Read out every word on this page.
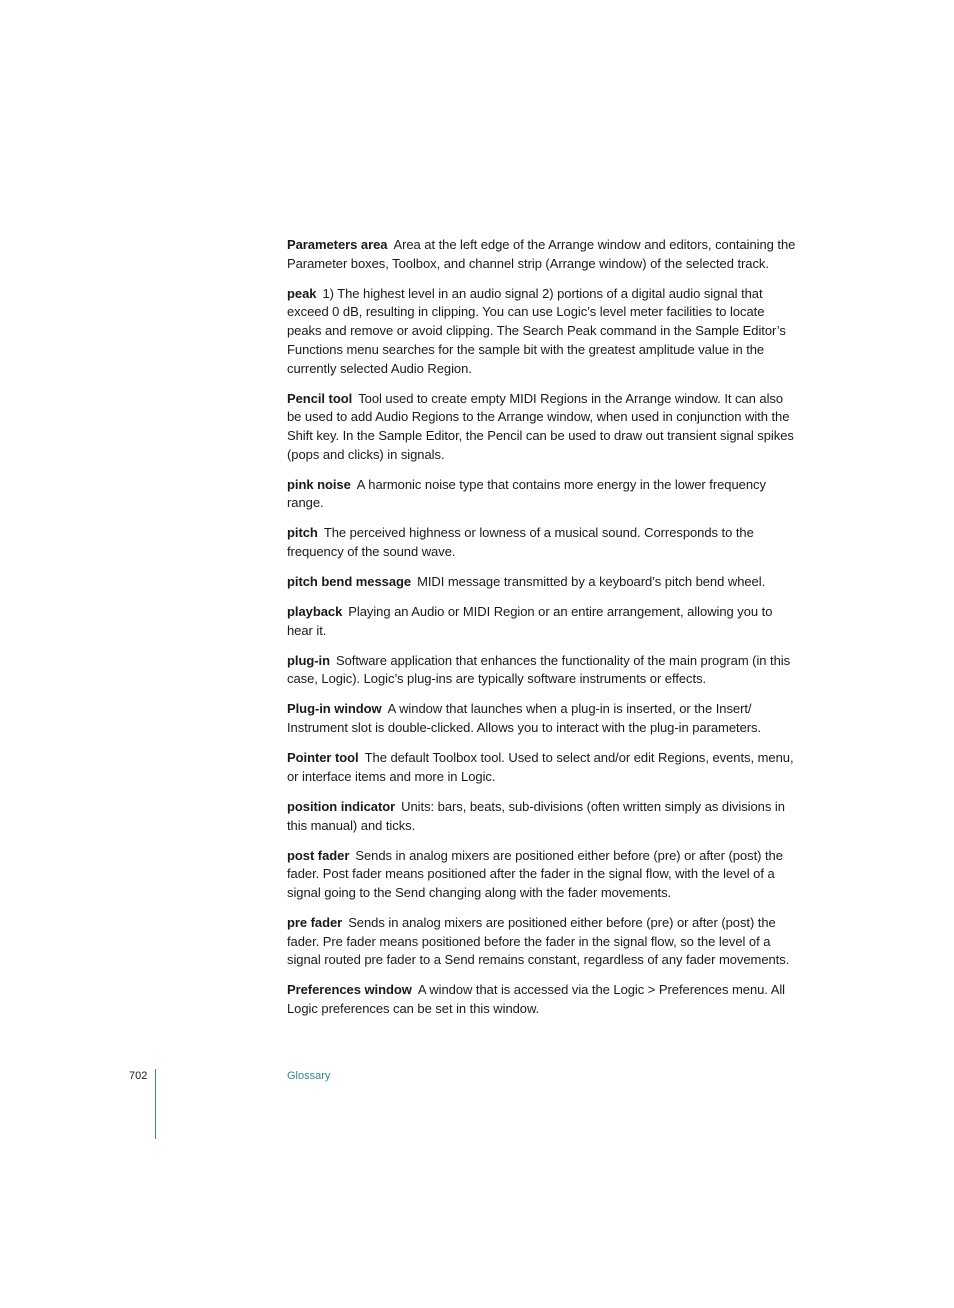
Parameters area Area at the left edge of the Arrange window and editors, containing the Parameter boxes, Toolbox, and channel strip (Arrange window) of the selected track.

peak 1) The highest level in an audio signal 2) portions of a digital audio signal that exceed 0 dB, resulting in clipping. You can use Logic’s level meter facilities to locate peaks and remove or avoid clipping. The Search Peak command in the Sample Editor’s Functions menu searches for the sample bit with the greatest amplitude value in the currently selected Audio Region.

Pencil tool Tool used to create empty MIDI Regions in the Arrange window. It can also be used to add Audio Regions to the Arrange window, when used in conjunction with the Shift key. In the Sample Editor, the Pencil can be used to draw out transient signal spikes (pops and clicks) in signals.

pink noise A harmonic noise type that contains more energy in the lower frequency range.

pitch The perceived highness or lowness of a musical sound. Corresponds to the frequency of the sound wave.

pitch bend message MIDI message transmitted by a keyboard’s pitch bend wheel.

playback Playing an Audio or MIDI Region or an entire arrangement, allowing you to hear it.

plug-in Software application that enhances the functionality of the main program (in this case, Logic). Logic’s plug-ins are typically software instruments or effects.

Plug-in window A window that launches when a plug-in is inserted, or the Insert/ Instrument slot is double-clicked. Allows you to interact with the plug-in parameters.

Pointer tool The default Toolbox tool. Used to select and/or edit Regions, events, menu, or interface items and more in Logic.

position indicator Units: bars, beats, sub-divisions (often written simply as divisions in this manual) and ticks.

post fader Sends in analog mixers are positioned either before (pre) or after (post) the fader. Post fader means positioned after the fader in the signal flow, with the level of a signal going to the Send changing along with the fader movements.

pre fader Sends in analog mixers are positioned either before (pre) or after (post) the fader. Pre fader means positioned before the fader in the signal flow, so the level of a signal routed pre fader to a Send remains constant, regardless of any fader movements.

Preferences window A window that is accessed via the Logic > Preferences menu. All Logic preferences can be set in this window.

702	Glossary
